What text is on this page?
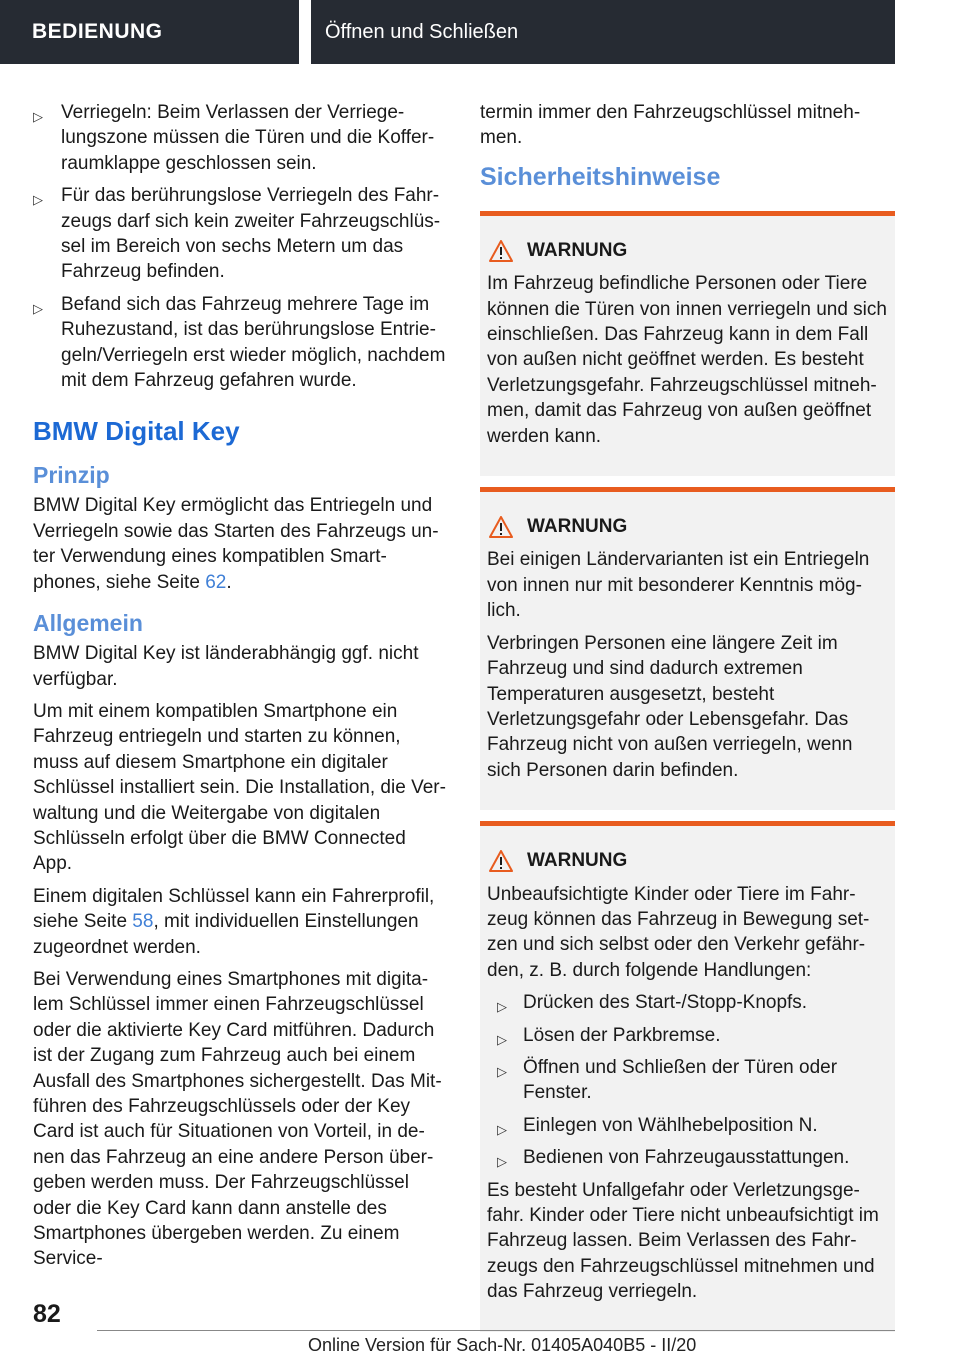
BEDIENUNG	Öffnen und Schließen
▷ Verriegeln: Beim Verlassen der Verriegelungszone müssen die Türen und die Kofferraumklappe geschlossen sein.
▷ Für das berührungslose Verriegeln des Fahrzeugs darf sich kein zweiter Fahrzeugschlüssel im Bereich von sechs Metern um das Fahrzeug befinden.
▷ Befand sich das Fahrzeug mehrere Tage im Ruhezustand, ist das berührungslose Entriegeln/Verriegeln erst wieder möglich, nachdem mit dem Fahrzeug gefahren wurde.
BMW Digital Key
Prinzip

BMW Digital Key ermöglicht das Entriegeln und Verriegeln sowie das Starten des Fahrzeugs unter Verwendung eines kompatiblen Smartphones, siehe Seite 62.

Allgemein

BMW Digital Key ist länderabhängig ggf. nicht verfügbar.

Um mit einem kompatiblen Smartphone ein Fahrzeug entriegeln und starten zu können, muss auf diesem Smartphone ein digitaler Schlüssel installiert sein. Die Installation, die Verwaltung und die Weitergabe von digitalen Schlüsseln erfolgt über die BMW Connected App.

Einem digitalen Schlüssel kann ein Fahrerprofil, siehe Seite 58, mit individuellen Einstellungen zugeordnet werden.

Bei Verwendung eines Smartphones mit digitalem Schlüssel immer einen Fahrzeugschlüssel oder die aktivierte Key Card mitführen. Dadurch ist der Zugang zum Fahrzeug auch bei einem Ausfall des Smartphones sichergestellt. Das Mitführen des Fahrzeugschlüssels oder der Key Card ist auch für Situationen von Vorteil, in denen das Fahrzeug an eine andere Person übergeben werden muss. Der Fahrzeugschlüssel oder die Key Card kann dann anstelle des Smartphones übergeben werden. Zu einem Service-

termin immer den Fahrzeugschlüssel mitnehmen.

Sicherheitshinweise
WARNUNG

Im Fahrzeug befindliche Personen oder Tiere können die Türen von innen verriegeln und sich einschließen. Das Fahrzeug kann in dem Fall von außen nicht geöffnet werden. Es besteht Verletzungsgefahr. Fahrzeugschlüssel mitnehmen, damit das Fahrzeug von außen geöffnet werden kann.

WARNUNG

Bei einigen Ländervarianten ist ein Entriegeln von innen nur mit besonderer Kenntnis möglich.

Verbringen Personen eine längere Zeit im Fahrzeug und sind dadurch extremen Temperaturen ausgesetzt, besteht Verletzungsgefahr oder Lebensgefahr. Das Fahrzeug nicht von außen verriegeln, wenn sich Personen darin befinden.

WARNUNG

Unbeaufsichtigte Kinder oder Tiere im Fahrzeug können das Fahrzeug in Bewegung setzen und sich selbst oder den Verkehr gefährden, z. B. durch folgende Handlungen:

▷ Drücken des Start-/Stopp-Knopfs.
▷ Lösen der Parkbremse.
▷ Öffnen und Schließen der Türen oder Fenster.
▷ Einlegen von Wählhebelposition N.
▷ Bedienen von Fahrzeugausstattungen.

Es besteht Unfallgefahr oder Verletzungsgefahr. Kinder oder Tiere nicht unbeaufsichtigt im Fahrzeug lassen. Beim Verlassen des Fahrzeugs den Fahrzeugschlüssel mitnehmen und das Fahrzeug verriegeln.

82
Online Version für Sach-Nr. 01405A040B5 - II/20
